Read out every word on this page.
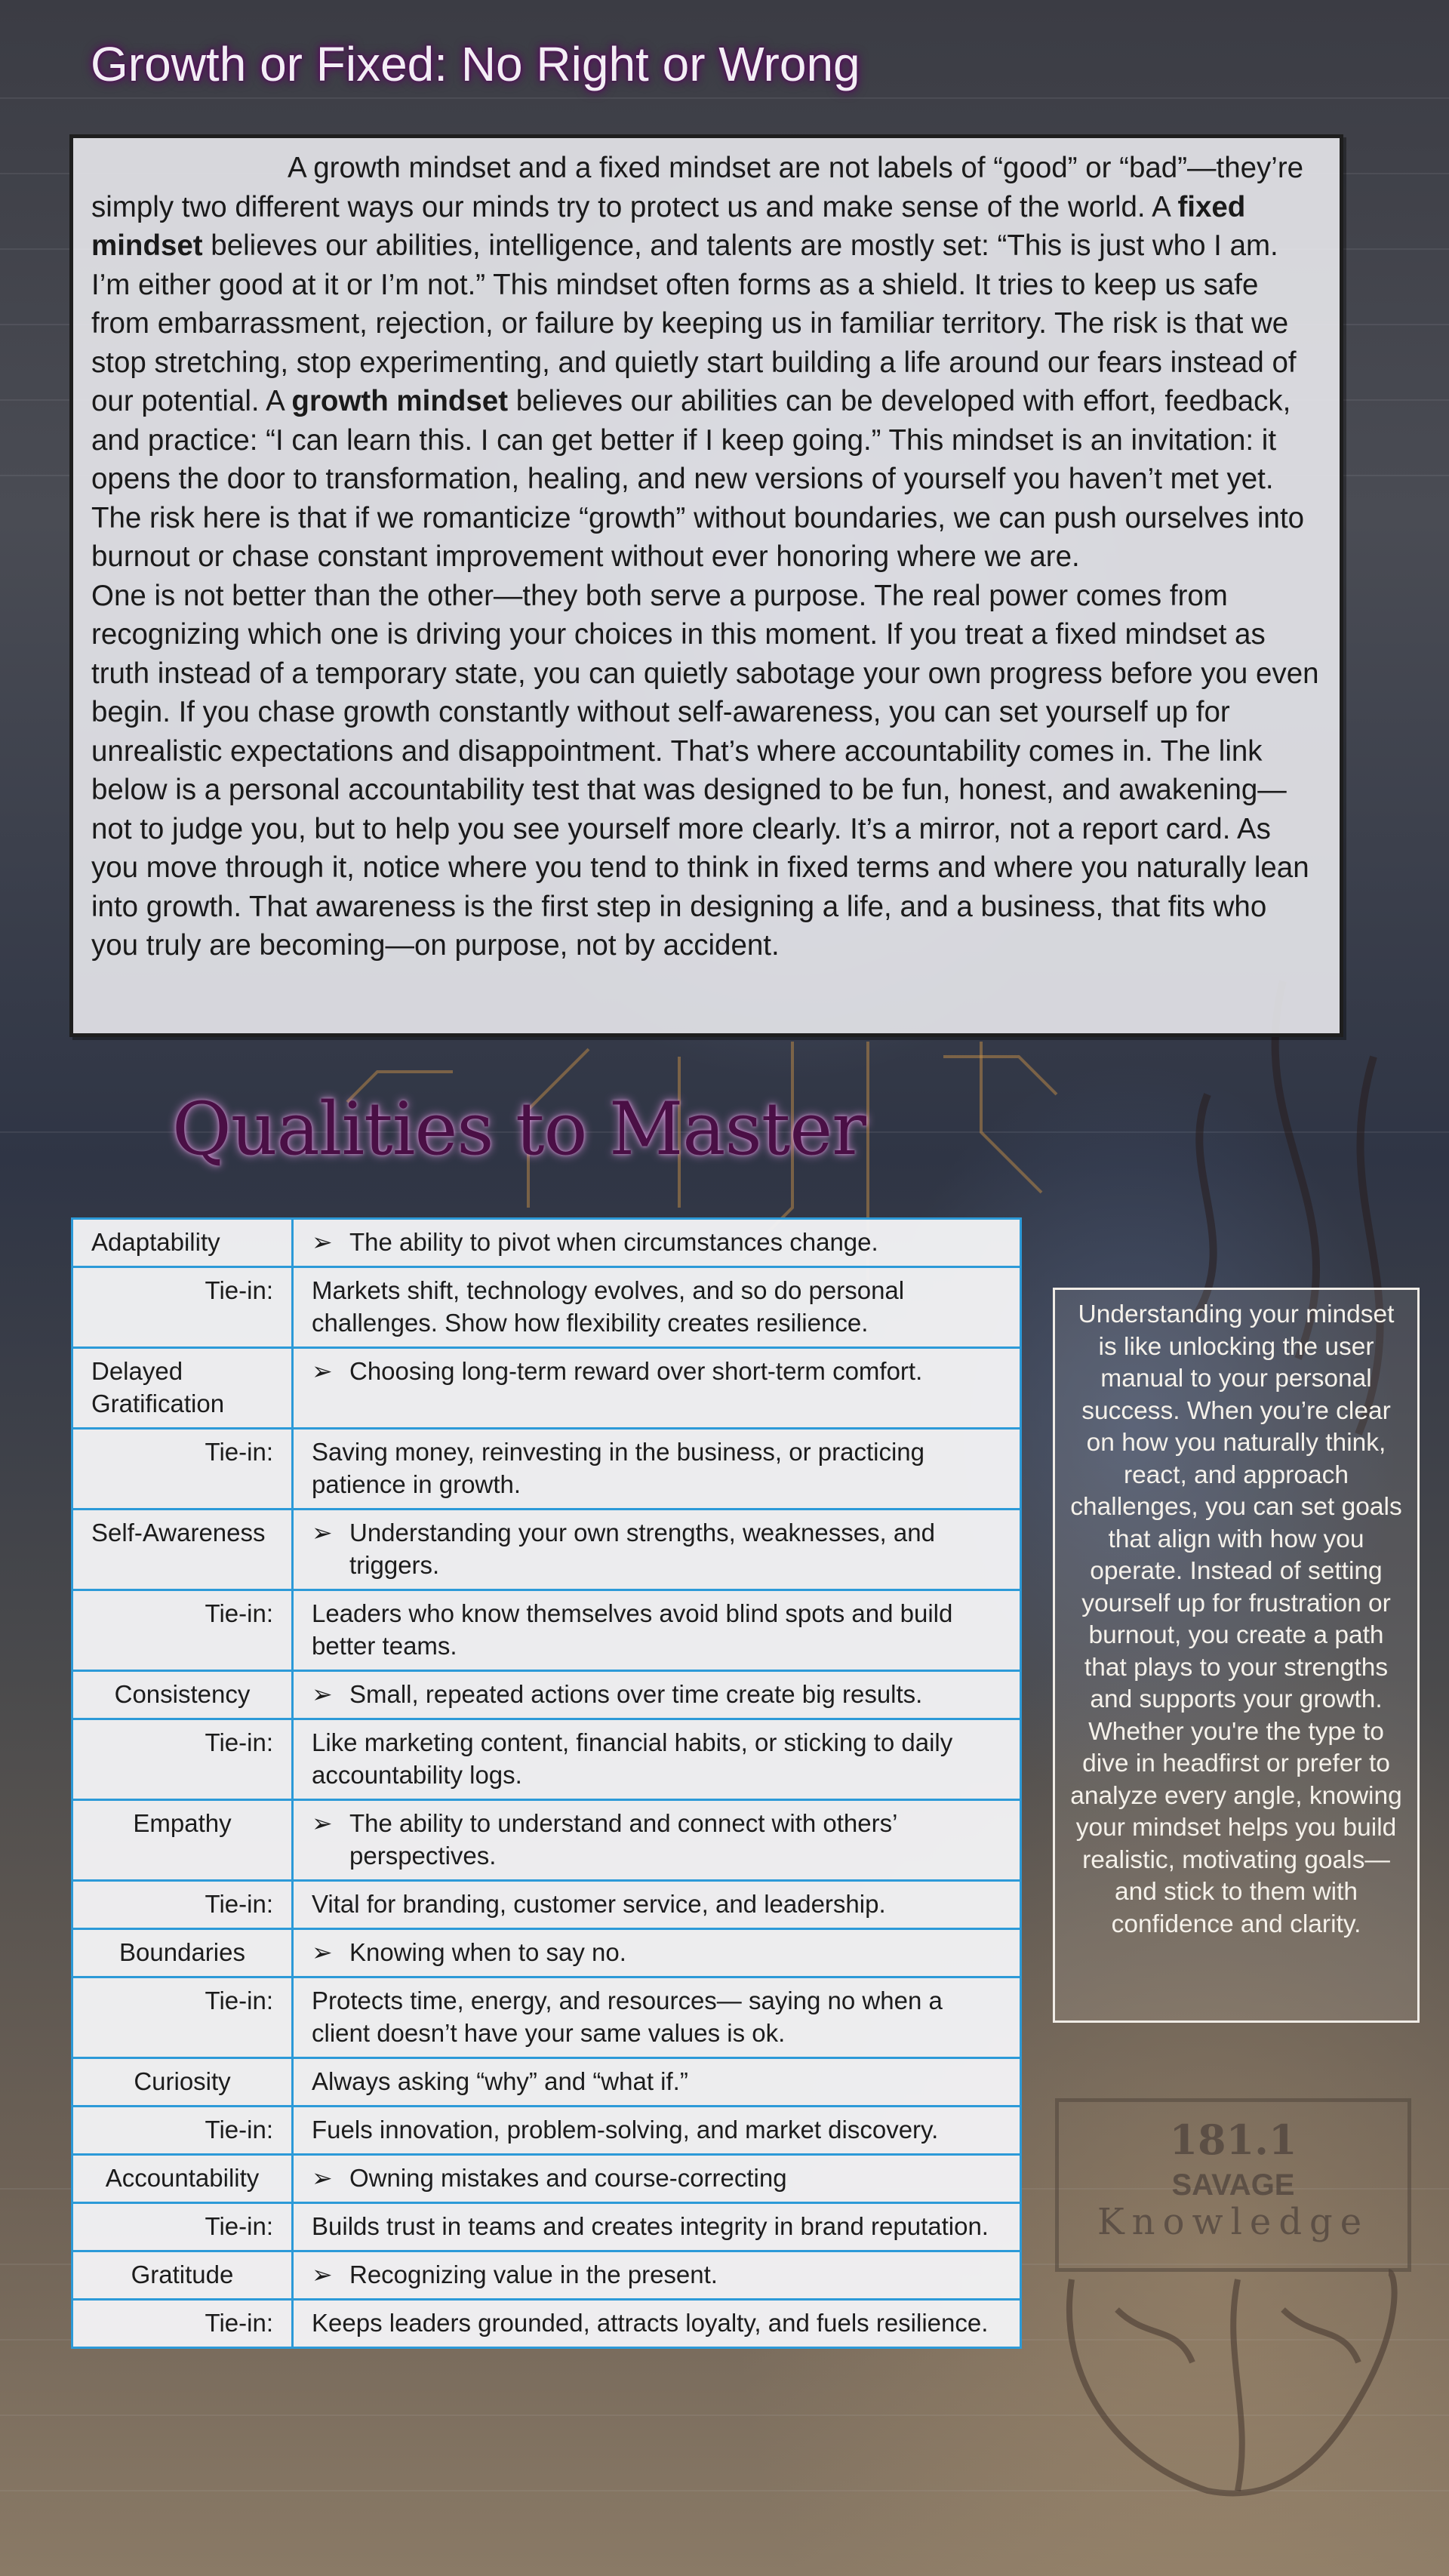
Growth or Fixed: No Right or Wrong

A growth mindset and a fixed mindset are not labels of “good” or “bad”—they’re simply two different ways our minds try to protect us and make sense of the world. A fixed mindset believes our abilities, intelligence, and talents are mostly set: “This is just who I am. I’m either good at it or I’m not.” This mindset often forms as a shield. It tries to keep us safe from embarrassment, rejection, or failure by keeping us in familiar territory. The risk is that we stop stretching, stop experimenting, and quietly start building a life around our fears instead of our potential. A growth mindset believes our abilities can be developed with effort, feedback, and practice: “I can learn this. I can get better if I keep going.” This mindset is an invitation: it opens the door to transformation, healing, and new versions of yourself you haven’t met yet. The risk here is that if we romanticize “growth” without boundaries, we can push ourselves into burnout or chase constant improvement without ever honoring where we are.

One is not better than the other—they both serve a purpose. The real power comes from recognizing which one is driving your choices in this moment. If you treat a fixed mindset as truth instead of a temporary state, you can quietly sabotage your own progress before you even begin. If you chase growth constantly without self-awareness, you can set yourself up for unrealistic expectations and disappointment. That’s where accountability comes in. The link below is a personal accountability test that was designed to be fun, honest, and awakening—not to judge you, but to help you see yourself more clearly. It’s a mirror, not a report card. As you move through it, notice where you tend to think in fixed terms and where you naturally lean into growth. That awareness is the first step in designing a life, and a business, that fits who you truly are becoming—on purpose, not by accident.

Qualities to Master
Adaptability	➢ The ability to pivot when circumstances change.

Tie-in:	Markets shift, technology evolves, and so do personal challenges. Show how flexibility creates resilience.
Delayed Gratification	➢ Choosing long-term reward over short-term comfort.

Tie-in:	Saving money, reinvesting in the business, or practicing patience in growth.
Self-Awareness	➢ Understanding your own strengths, weaknesses, and triggers.

Tie-in:	Leaders who know themselves avoid blind spots and build better teams.
Consistency	➢ Small, repeated actions over time create big results.

Tie-in:	Like marketing content, financial habits, or sticking to daily accountability logs.
Empathy	➢ The ability to understand and connect with others’ perspectives.

Tie-in:	Vital for branding, customer service, and leadership.
Boundaries	➢ Knowing when to say no.

Tie-in:	Protects time, energy, and resources— saying no when a client doesn’t have your same values is ok.
Curiosity	Always asking “why” and “what if.”
Tie-in:	Fuels innovation, problem-solving, and market discovery.
Accountability	➢ Owning mistakes and course-correcting

Tie-in:	Builds trust in teams and creates integrity in brand reputation.
Gratitude	➢ Recognizing value in the present.

Tie-in:	Keeps leaders grounded, attracts loyalty, and fuels resilience.
Understanding your mindset is like unlocking the user manual to your personal success. When you’re clear on how you naturally think, react, and approach challenges, you can set goals that align with how you operate. Instead of setting yourself up for frustration or burnout, you create a path that plays to your strengths and supports your growth. Whether you're the type to dive in headfirst or prefer to analyze every angle, knowing your mindset helps you build realistic, motivating goals—and stick to them with confidence and clarity.
181.1
SAVAGE
Knowledge
